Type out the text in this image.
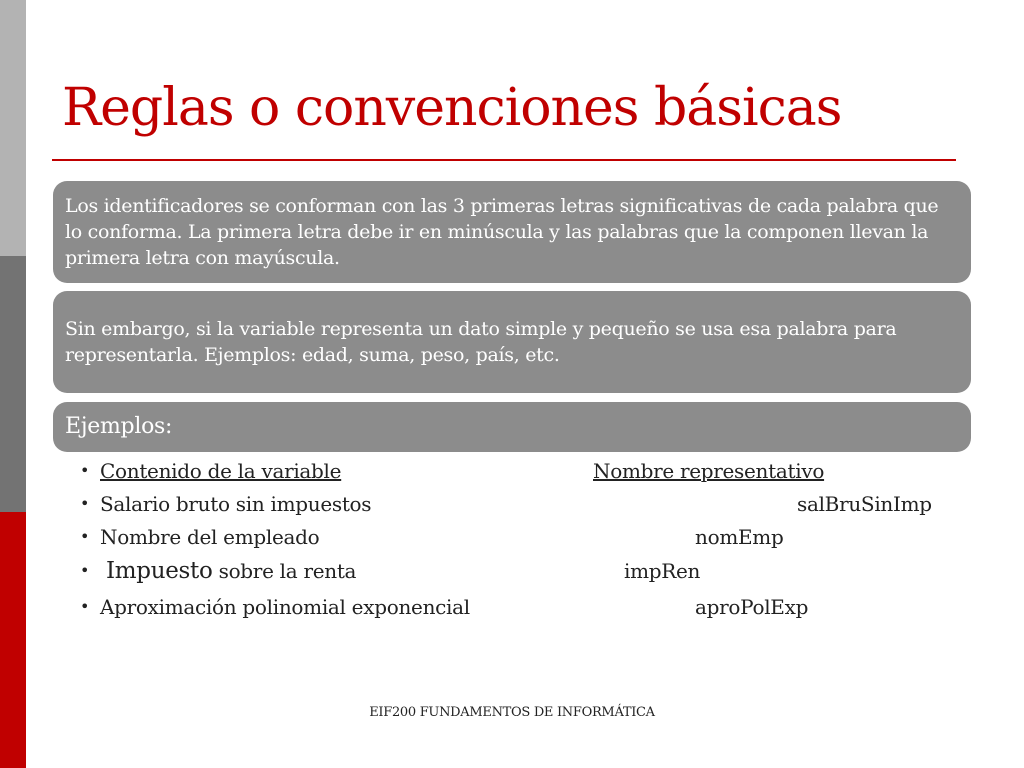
Reglas o convenciones básicas
Los identificadores se conforman con las 3 primeras letras significativas de cada palabra que lo conforma. La primera letra debe ir en minúscula y las palabras que la componen llevan la primera letra con mayúscula.
Sin embargo, si la variable representa un dato simple y pequeño se usa esa palabra para representarla. Ejemplos: edad, suma, peso, país, etc.
Ejemplos:
• Contenido de la variable	Nombre representativo
• Salario bruto sin impuestos	salBruSinImp
• Nombre del empleado	nomEmp
• Impuesto sobre la renta	impRen
• Aproximación polinomial exponencial	aproPolExp
EIF200 FUNDAMENTOS DE INFORMÁTICA
